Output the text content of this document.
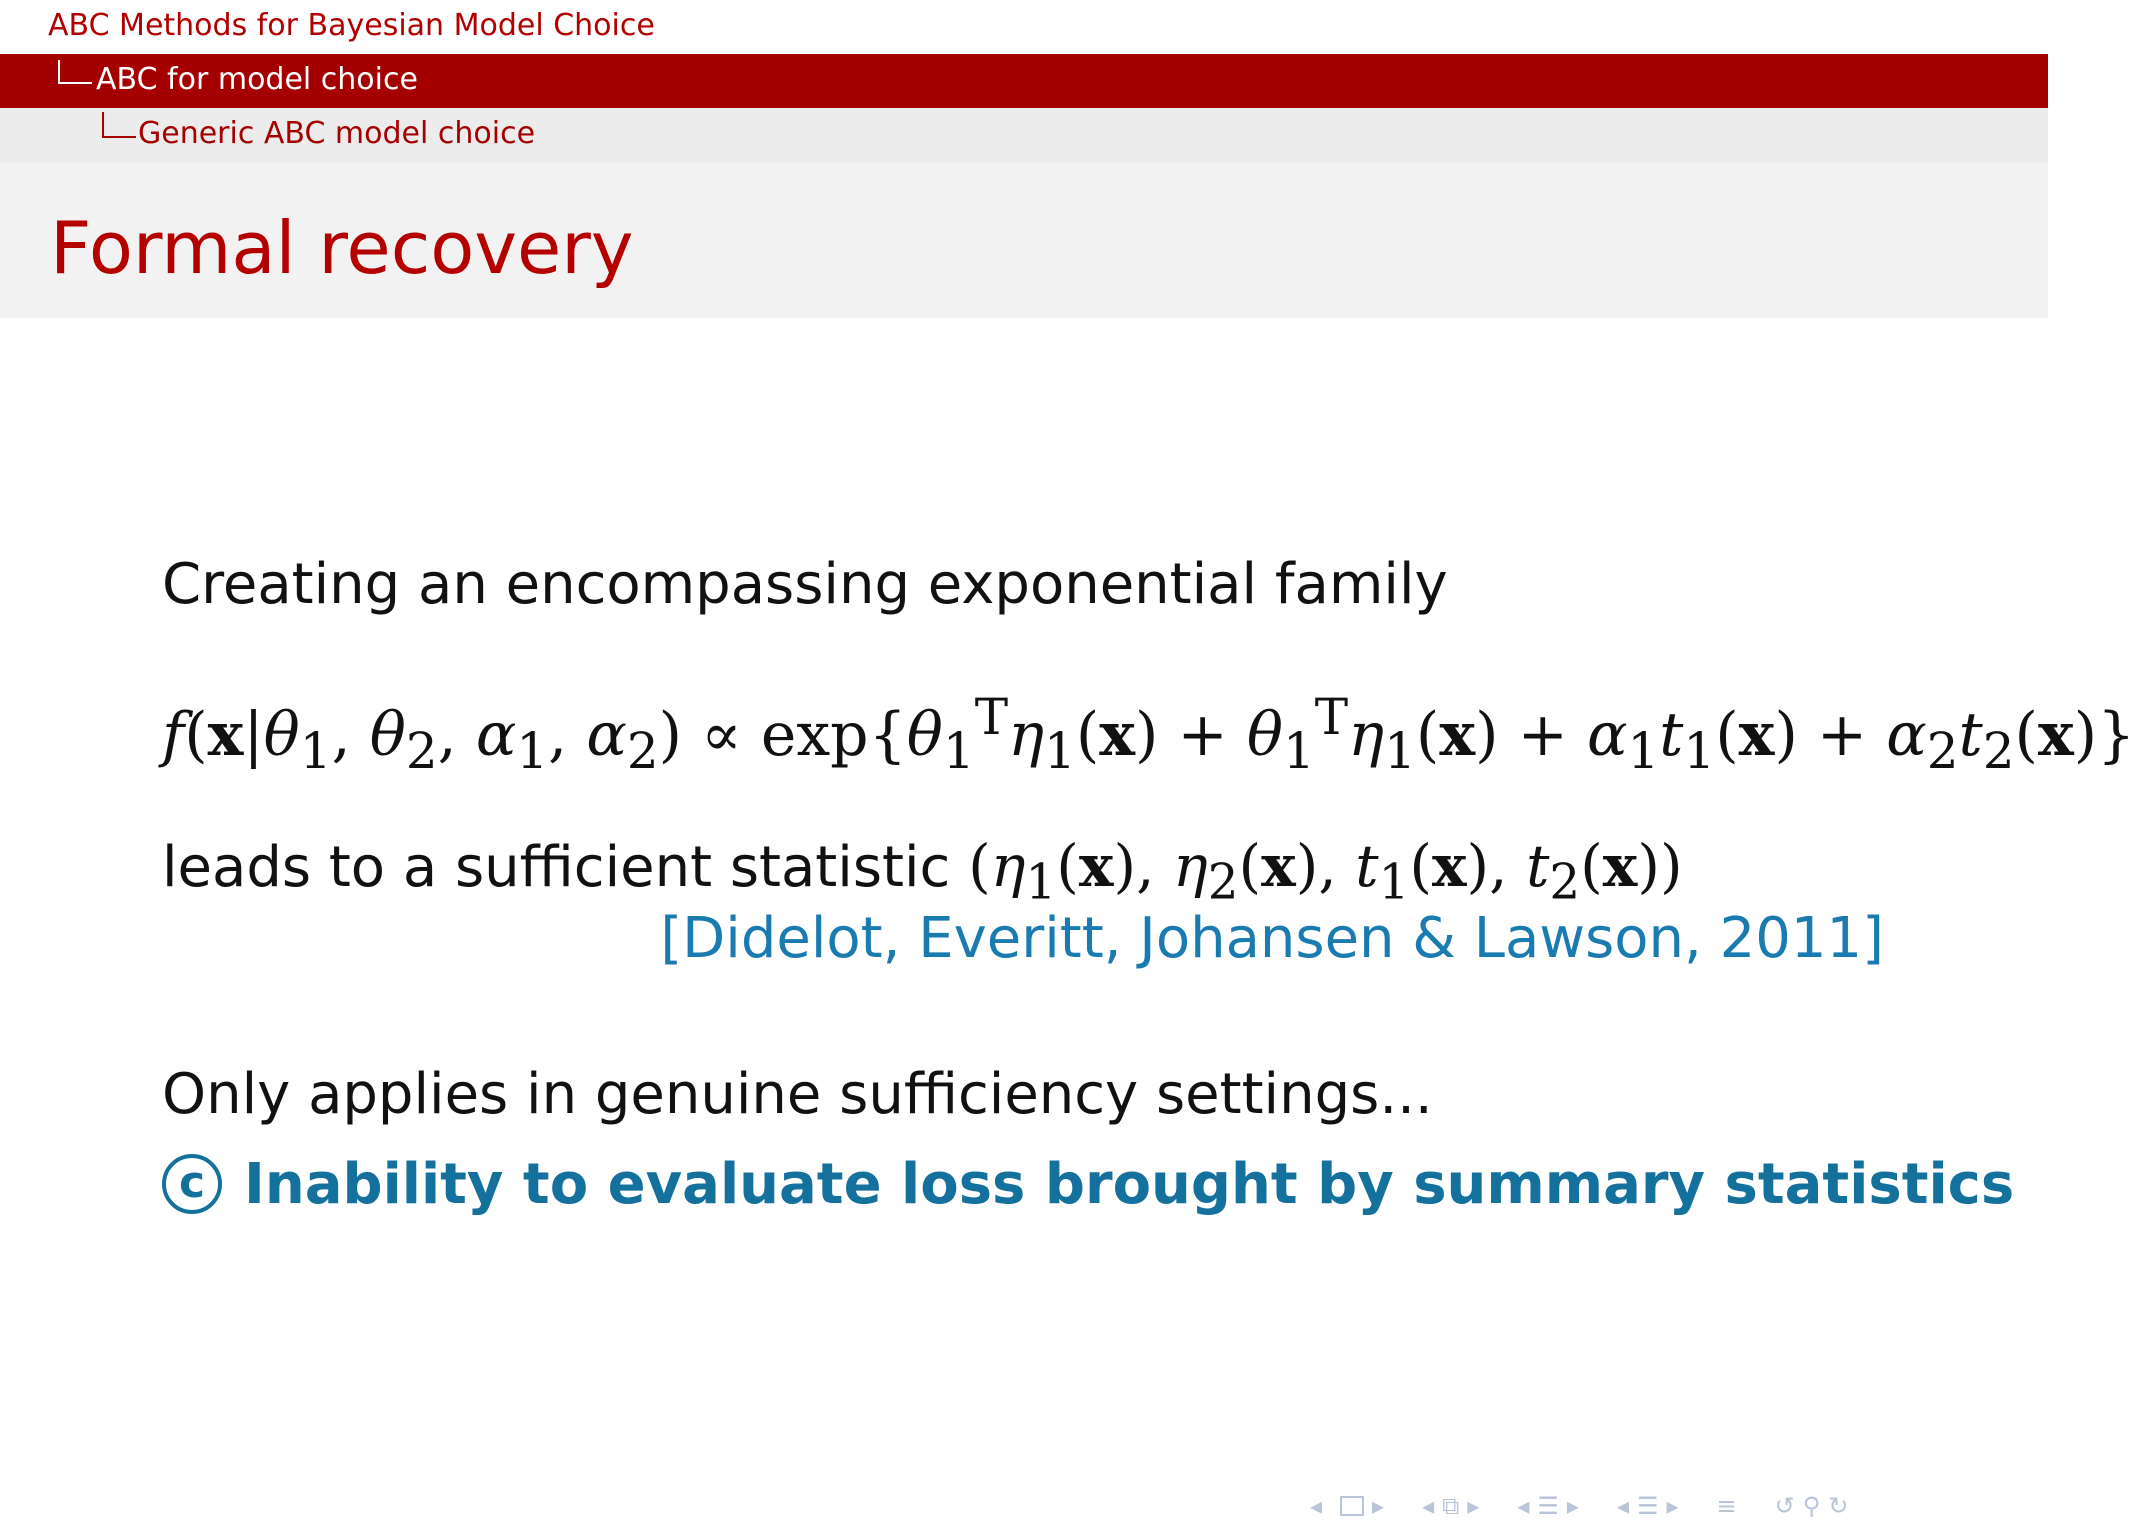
ABC Methods for Bayesian Model Choice
ABC for model choice
Generic ABC model choice
Formal recovery
Creating an encompassing exponential family
$f(x|\theta_1$, $\theta_2$, $\alpha_1$, $\alpha_2) \propto \exp\{\theta_1^T\eta_1(x) + \theta_1^T\eta_1(x) + \alpha_1t_1(x) + \alpha_2t_2(x)\}$
leads to a sufficient statistic ($\eta_1(x)$, $\eta_2(x)$, $t_1(x)$, $t_2(x)$)
[Didelot, Everitt, Johansen & Lawson, 2011]
Only applies in genuine sufficiency settings...
c Inability to evaluate loss brought by summary statistics
◂ ▸ ◂ ⧉ ▸ ◂ ☰ ▸ ◂ ☰ ▸ ≡ ↺ ⚲ ↻
